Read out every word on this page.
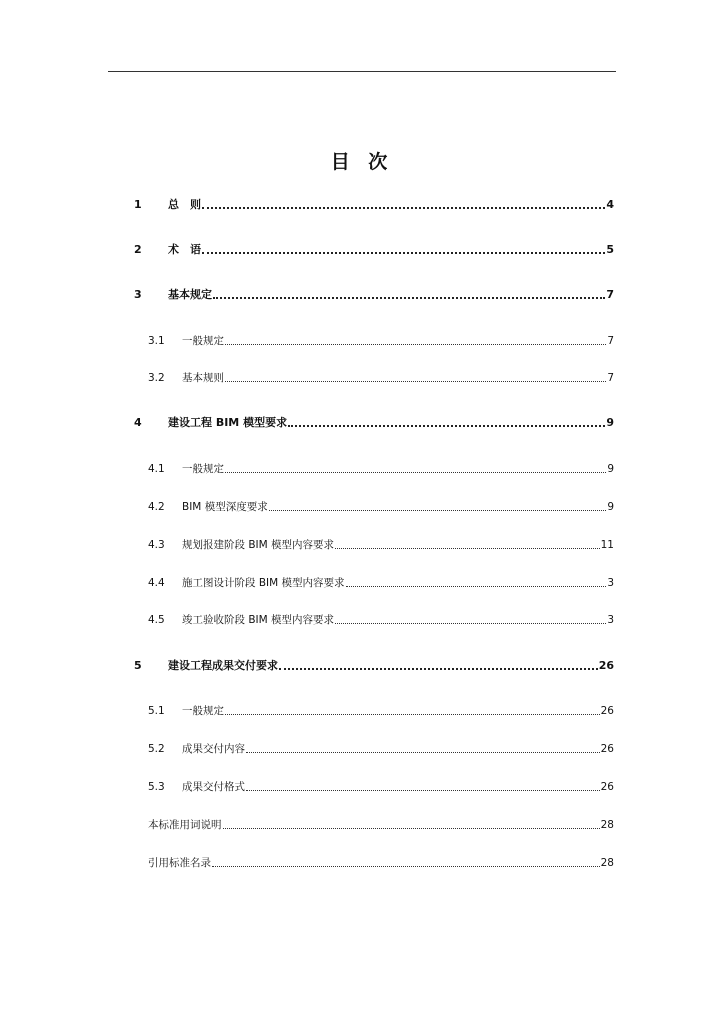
目 次
1	总　则	4
2	术　语	5
3	基本规定	7
3.1	一般规定	7
3.2	基本规则	7
4	建设工程 BIM 模型要求	9
4.1	一般规定	9
4.2	BIM 模型深度要求	9
4.3	规划报建阶段 BIM 模型内容要求	11
4.4	施工图设计阶段 BIM 模型内容要求	3
4.5	竣工验收阶段 BIM 模型内容要求	3
5	建设工程成果交付要求	26
5.1	一般规定	26
5.2	成果交付内容	26
5.3	成果交付格式	26
本标准用词说明	28
引用标准名录	28
